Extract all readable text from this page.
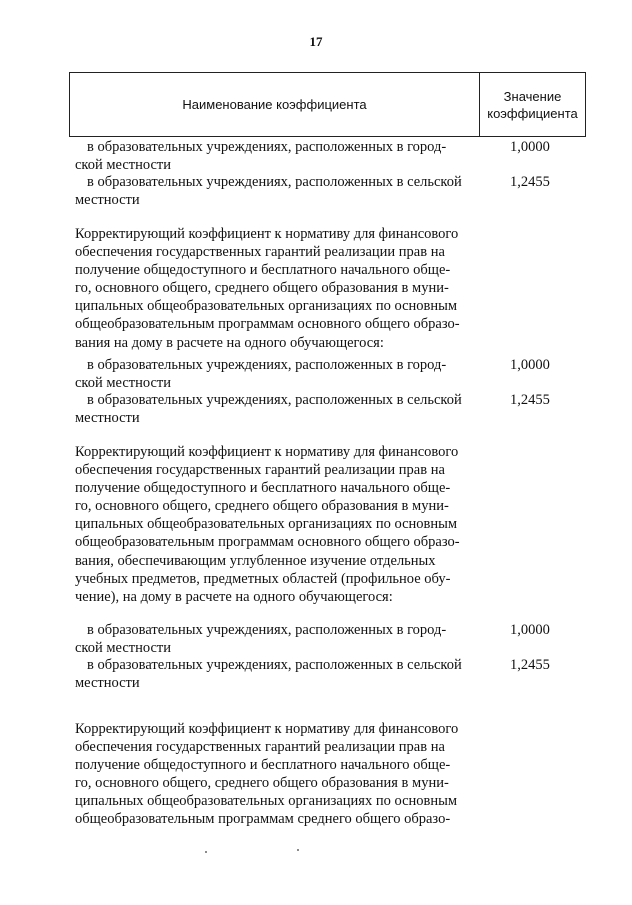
17
Наименование коэффициента
Значение
коэффициента
в образовательных учреждениях, расположенных в город-
ской местности
1,0000
в образовательных учреждениях, расположенных в сельской
местности
1,2455
Корректирующий коэффициент к нормативу для финансового
обеспечения государственных гарантий реализации прав на
получение общедоступного и бесплатного начального обще-
го, основного общего, среднего общего образования в муни-
ципальных общеобразовательных организациях по основным
общеобразовательным программам основного общего образо-
вания на дому в расчете на одного обучающегося:
в образовательных учреждениях, расположенных в город-
ской местности
1,0000
в образовательных учреждениях, расположенных в сельской
местности
1,2455
Корректирующий коэффициент к нормативу для финансового
обеспечения государственных гарантий реализации прав на
получение общедоступного и бесплатного начального обще-
го, основного общего, среднего общего образования в муни-
ципальных общеобразовательных организациях по основным
общеобразовательным программам основного общего образо-
вания, обеспечивающим углубленное изучение отдельных
учебных предметов, предметных областей (профильное обу-
чение), на дому в расчете на одного обучающегося:
в образовательных учреждениях, расположенных в город-
ской местности
1,0000
в образовательных учреждениях, расположенных в сельской
местности
1,2455
Корректирующий коэффициент к нормативу для финансового
обеспечения государственных гарантий реализации прав на
получение общедоступного и бесплатного начального обще-
го, основного общего, среднего общего образования в муни-
ципальных общеобразовательных организациях по основным
общеобразовательным программам среднего общего образо-
